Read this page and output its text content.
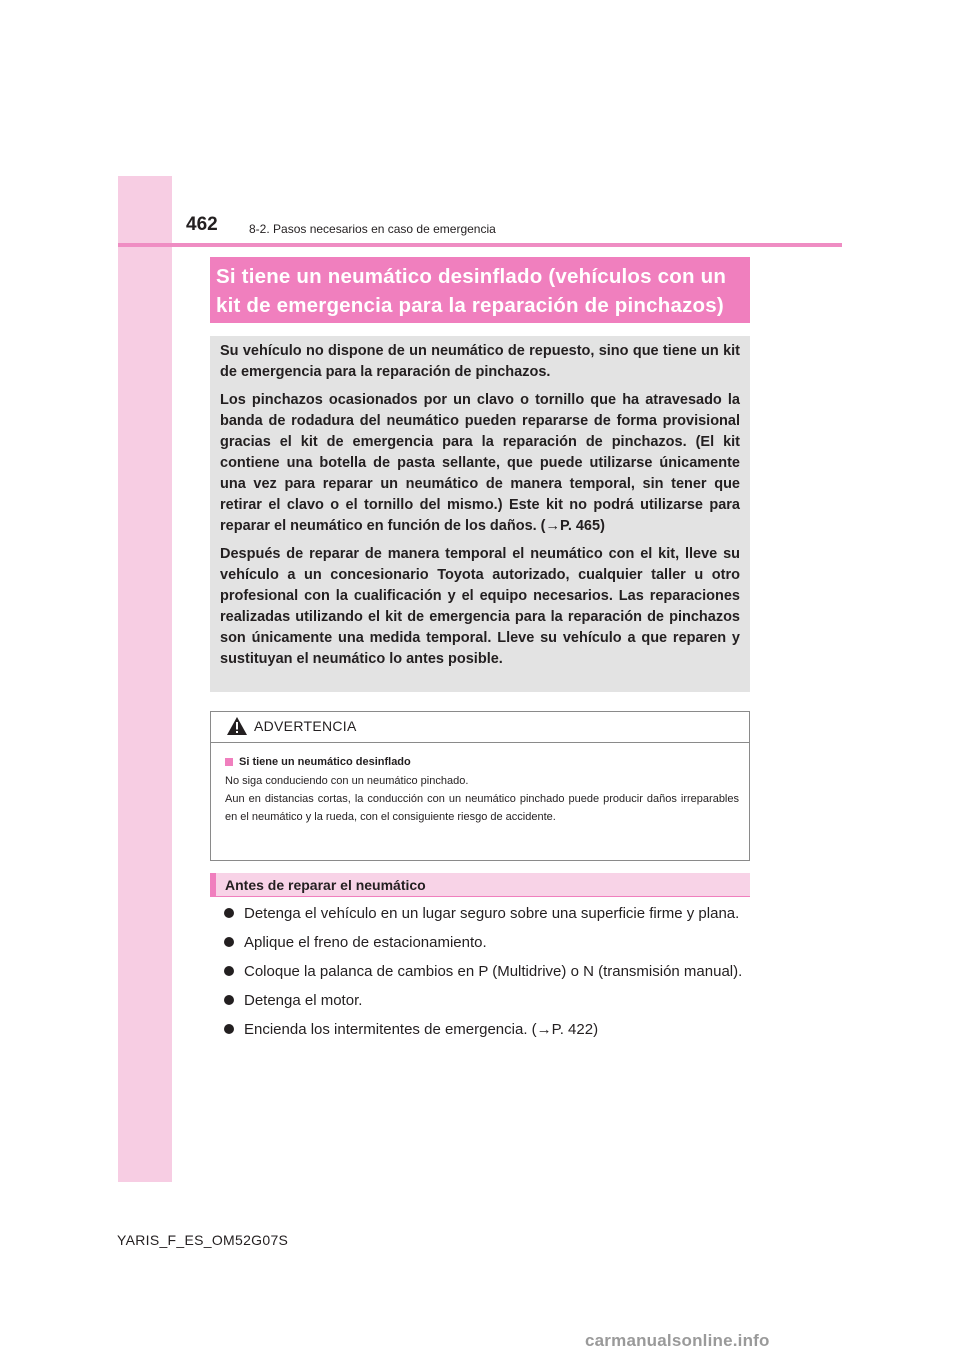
462	8-2. Pasos necesarios en caso de emergencia
Si tiene un neumático desinflado (vehículos con un
kit de emergencia para la reparación de pinchazos)

Su vehículo no dispone de un neumático de repuesto, sino que tiene un kit de emergencia para la reparación de pinchazos.

Los pinchazos ocasionados por un clavo o tornillo que ha atravesado la banda de rodadura del neumático pueden repararse de forma provisional gracias el kit de emergencia para la reparación de pinchazos. (El kit contiene una botella de pasta sellante, que puede utilizarse únicamente una vez para reparar un neumático de manera temporal, sin tener que retirar el clavo o el tornillo del mismo.) Este kit no podrá utilizarse para reparar el neumático en función de los daños. (→P. 465)

Después de reparar de manera temporal el neumático con el kit, lleve su vehículo a un concesionario Toyota autorizado, cualquier taller u otro profesional con la cualificación y el equipo necesarios. Las reparaciones realizadas utilizando el kit de emergencia para la reparación de pinchazos son únicamente una medida temporal. Lleve su vehículo a que reparen y sustituyan el neumático lo antes posible.

ADVERTENCIA
Si tiene un neumático desinflado
No siga conduciendo con un neumático pinchado.
Aun en distancias cortas, la conducción con un neumático pinchado puede producir daños irreparables en el neumático y la rueda, con el consiguiente riesgo de accidente.
Antes de reparar el neumático
Detenga el vehículo en un lugar seguro sobre una superficie firme y plana.
Aplique el freno de estacionamiento.
Coloque la palanca de cambios en P (Multidrive) o N (transmisión manual).
Detenga el motor.
Encienda los intermitentes de emergencia. (→P. 422)
YARIS_F_ES_OM52G07S
carmanualsonline.info
